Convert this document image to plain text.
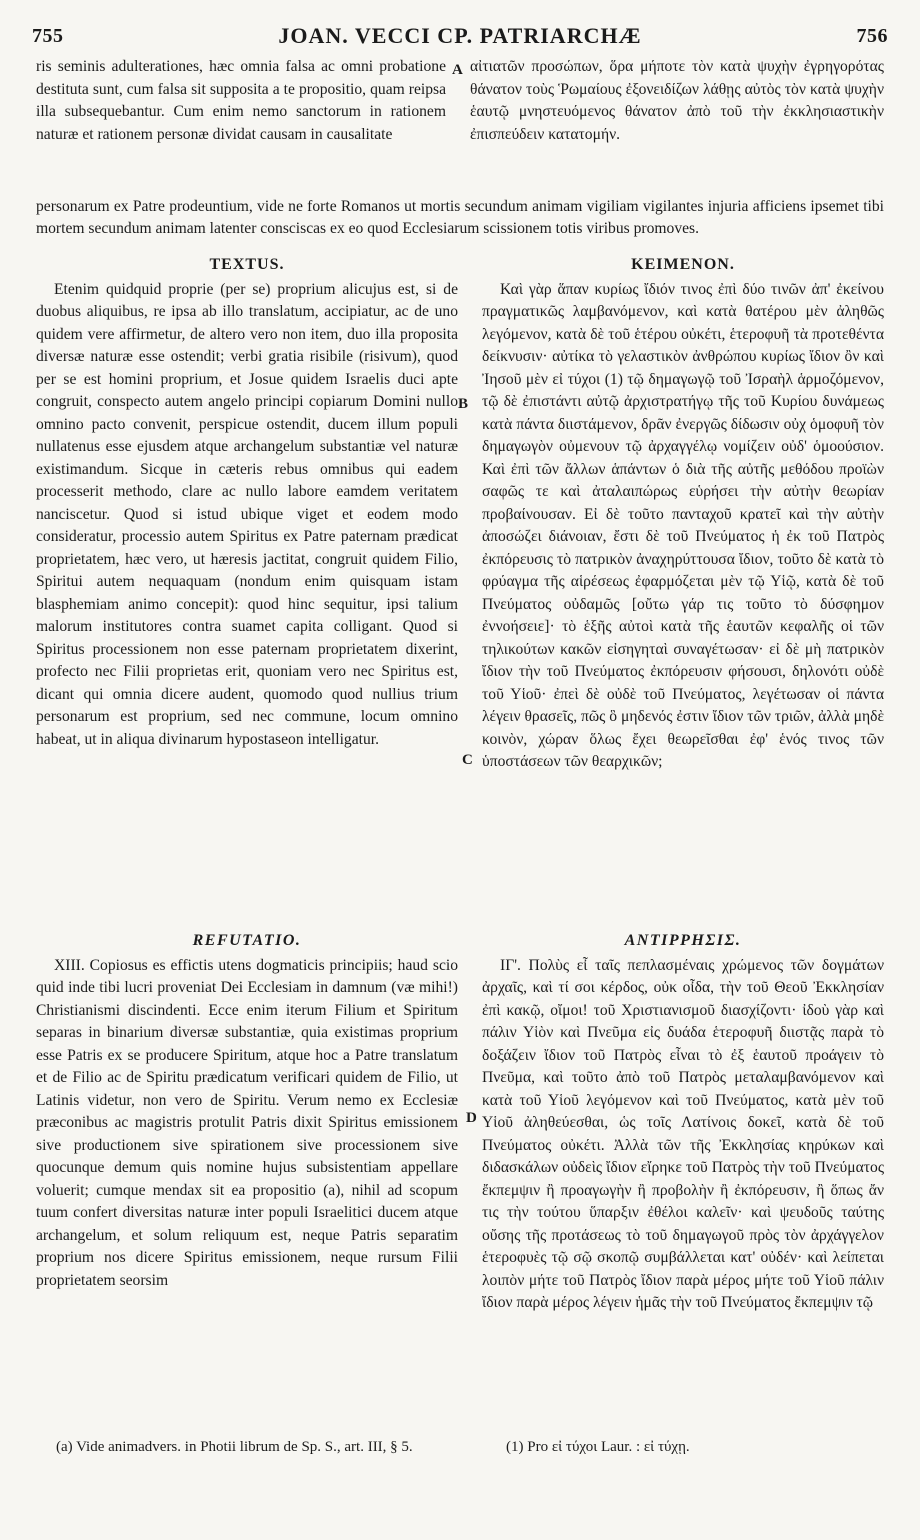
755	JOAN. VECCI CP. PATRIARCHÆ	756

ris seminis adulterationes, hæc omnia falsa ac omni probatione destituta sunt, cum falsa sit supposita a te propositio, quam reipsa illa subsequebantur. Cum enim nemo sanctorum in rationem naturæ et rationem personæ dividat causam in causalitate

A αἰτιατῶν προσώπων, ὅρα μήποτε τὸν κατὰ ψυχὴν ἐγρηγορότας θάνατον τοὺς Ῥωμαίους ἐξονειδίζων λάθῃς αὐτὸς τὸν κατὰ ψυχὴν ἑαυτῷ μνηστευόμενος θάνατον ἀπὸ τοῦ τὴν ἐκκλησιαστικὴν ἐπισπεύδειν κατατομήν.

personarum ex Patre prodeuntium, vide ne forte Romanos ut mortis secundum animam vigiliam vigilantes injuria afficiens ipsemet tibi mortem secundum animam latenter consciscas ex eo quod Ecclesiarum scissionem totis viribus promoves.

TEXTUS.

Etenim quidquid proprie (per se) proprium alicujus est, si de duobus aliquibus, re ipsa ab illo translatum, accipiatur, ac de uno quidem vere affirmetur, de altero vero non item, duo illa proposita diversæ naturæ esse ostendit; verbi gratia risibile (risivum), quod per se est homini proprium, et Josue quidem Israelis duci apte congruit, conspecto autem angelo principi copiarum Domini nullo omnino pacto convenit, perspicue ostendit, ducem illum populi nullatenus esse ejusdem atque archangelum substantiæ vel naturæ existimandum. Sicque in cæteris rebus omnibus qui eadem processerit methodo, clare ac nullo labore eamdem veritatem nanciscetur. Quod si istud ubique viget et eodem modo consideratur, processio autem Spiritus ex Patre paternam prædicat proprietatem, hæc vero, ut hæresis jactitat, congruit quidem Filio, Spiritui autem nequaquam (nondum enim quisquam istam blasphemiam animo concepit): quod hinc sequitur, ipsi talium malorum institutores contra suamet capita colligant. Quod si Spiritus processionem non esse paternam proprietatem dixerint, profecto nec Filii proprietas erit, quoniam vero nec Spiritus est, dicant qui omnia dicere audent, quomodo quod nullius trium personarum est proprium, sed nec commune, locum omnino habeat, ut in aliqua divinarum hypostaseon intelligatur.

B
C
ΚΕΙΜΕΝΟΝ.

Καὶ γὰρ ἅπαν κυρίως ἴδιόν τινος ἐπὶ δύο τινῶν ἀπ' ἐκείνου πραγματικῶς λαμβανόμενον, καὶ κατὰ θατέρου μὲν ἀληθῶς λεγόμενον, κατὰ δὲ τοῦ ἑτέρου οὐκέτι, ἑτεροφυῆ τὰ προτεθέντα δείκνυσιν· αὐτίκα τὸ γελαστικὸν ἀνθρώπου κυρίως ἴδιον ὂν καὶ Ἰησοῦ μὲν εἰ τύχοι (1) τῷ δημαγωγῷ τοῦ Ἰσραὴλ ἁρμοζόμενον, τῷ δὲ ἐπιστάντι αὐτῷ ἀρχιστρατήγῳ τῆς τοῦ Κυρίου δυνάμεως κατὰ πάντα διιστάμενον, δρᾶν ἐνεργῶς δίδωσιν οὐχ ὁμοφυῆ τὸν δημαγωγὸν οὐμενουν τῷ ἀρχαγγέλῳ νομίζειν οὐδ' ὁμοούσιον. Καὶ ἐπὶ τῶν ἄλλων ἁπάντων ὁ διὰ τῆς αὐτῆς μεθόδου προϊὼν σαφῶς τε καὶ ἀταλαιπώρως εὑρήσει τὴν αὐτὴν θεωρίαν προβαίνουσαν. Εἰ δὲ τοῦτο πανταχοῦ κρατεῖ καὶ τὴν αὐτὴν ἀποσώζει διάνοιαν, ἔστι δὲ τοῦ Πνεύματος ἡ ἐκ τοῦ Πατρὸς ἐκπόρευσις τὸ πατρικὸν ἀναχηρύττουσα ἴδιον, τοῦτο δὲ κατὰ τὸ φρύαγμα τῆς αἱρέσεως ἐφαρμόζεται μὲν τῷ Υἱῷ, κατὰ δὲ τοῦ Πνεύματος οὐδαμῶς [οὔτω γάρ τις τοῦτο τὸ δύσφημον ἐννοήσειε]· τὸ ἑξῆς αὐτοὶ κατὰ τῆς ἑαυτῶν κεφαλῆς οἱ τῶν τηλικούτων κακῶν εἰσηγηταὶ συναγέτωσαν· εἰ δὲ μὴ πατρικὸν ἴδιον τὴν τοῦ Πνεύματος ἐκπόρευσιν φήσουσι, δηλονότι οὐδὲ τοῦ Υἱοῦ· ἐπεὶ δὲ οὐδὲ τοῦ Πνεύματος, λεγέτωσαν οἱ πάντα λέγειν θρασεῖς, πῶς ὃ μηδενός ἐστιν ἴδιον τῶν τριῶν, ἀλλὰ μηδὲ κοινὸν, χώραν ὅλως ἔχει θεωρεῖσθαι ἐφ' ἑνός τινος τῶν ὑποστάσεων τῶν θεαρχικῶν;

REFUTATIO.

XIII. Copiosus es effictis utens dogmaticis principiis; haud scio quid inde tibi lucri proveniat Dei Ecclesiam in damnum (væ mihi!) Christianismi discindenti. Ecce enim iterum Filium et Spiritum separas in binarium diversæ substantiæ, quia existimas proprium esse Patris ex se producere Spiritum, atque hoc a Patre translatum et de Filio ac de Spiritu prædicatum verificari quidem de Filio, ut Latinis videtur, non vero de Spiritu. Verum nemo ex Ecclesiæ præconibus ac magistris protulit Patris dixit Spiritus emissionem sive productionem sive spirationem sive processionem sive quocunque demum quis nomine hujus subsistentiam appellare voluerit; cumque mendax sit ea propositio (a), nihil ad scopum tuum confert diversitas naturæ inter populi Israelitici ducem atque archangelum, et solum reliquum est, neque Patris separatim proprium nos dicere Spiritus emissionem, neque rursum Filii proprietatem seorsim

D
ΑΝΤΙΡΡΗΣΙΣ.

ΙΓ'. Πολὺς εἶ ταῖς πεπλασμέναις χρώμενος τῶν δογμάτων ἀρχαῖς, καὶ τί σοι κέρδος, οὐκ οἶδα, τὴν τοῦ Θεοῦ Ἐκκλησίαν ἐπὶ κακῷ, οἴμοι! τοῦ Χριστιανισμοῦ διασχίζοντι· ἰδοὺ γὰρ καὶ πάλιν Υἱὸν καὶ Πνεῦμα εἰς δυάδα ἑτεροφυῆ διιστᾷς παρὰ τὸ δοξάζειν ἴδιον τοῦ Πατρὸς εἶναι τὸ ἐξ ἑαυτοῦ προάγειν τὸ Πνεῦμα, καὶ τοῦτο ἀπὸ τοῦ Πατρὸς μεταλαμβανόμενον καὶ κατὰ τοῦ Υἱοῦ λεγόμενον καὶ τοῦ Πνεύματος, κατὰ μὲν τοῦ Υἱοῦ ἀληθεύεσθαι, ὡς τοῖς Λατίνοις δοκεῖ, κατὰ δὲ τοῦ Πνεύματος οὐκέτι. Ἀλλὰ τῶν τῆς Ἐκκλησίας κηρύκων καὶ διδασκάλων οὐδεὶς ἴδιον εἴρηκε τοῦ Πατρὸς τὴν τοῦ Πνεύματος ἔκπεμψιν ἢ προαγωγὴν ἢ προβολὴν ἢ ἐκπόρευσιν, ἢ ὅπως ἄν τις τὴν τούτου ὕπαρξιν ἐθέλοι καλεῖν· καὶ ψευδοῦς ταύτης οὔσης τῆς προτάσεως τὸ τοῦ δημαγωγοῦ πρὸς τὸν ἀρχάγγελον ἑτεροφυὲς τῷ σῷ σκοπῷ συμβάλλεται κατ' οὐδέν· καὶ λείπεται λοιπὸν μήτε τοῦ Πατρὸς ἴδιον παρὰ μέρος μήτε τοῦ Υἱοῦ πάλιν ἴδιον παρὰ μέρος λέγειν ἡμᾶς τὴν τοῦ Πνεύματος ἔκπεμψιν τῷ

(a) Vide animadvers. in Photii librum de Sp. S., art. III, § 5.	(1) Pro εἰ τύχοι Laur. : εἰ τύχῃ.
